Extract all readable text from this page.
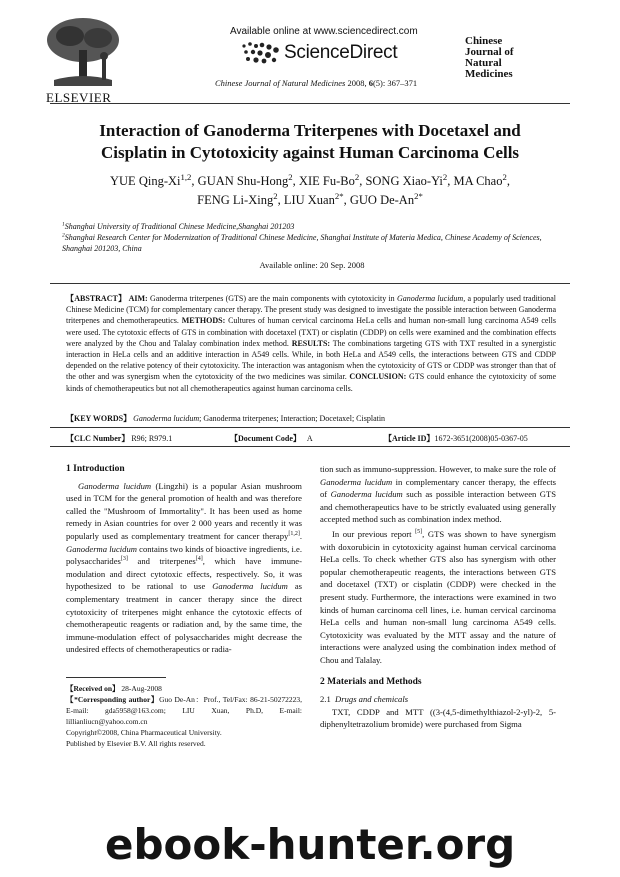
ELSEVIER
Available online at www.sciencedirect.com
ScienceDirect
Chinese Journal of Natural Medicines 2008, 6(5): 367–371
Chinese
Journal of
Natural
Medicines
Interaction of Ganoderma Triterpenes with Docetaxel and
Cisplatin in Cytotoxicity against Human Carcinoma Cells
YUE Qing-Xi$^{1,2}$, GUAN Shu-Hong$^2$, XIE Fu-Bo$^2$, SONG Xiao-Yi$^2$, MA Chao$^2$,
FENG Li-Xing$^2$, LIU Xuan$^{2*}$, GUO $De-An^{2*}$
$^1$Shanghai University of Traditional Chinese Medicine,Shanghai 201203
$^2$Shanghai Research Center for Modernization of Traditional Chinese Medicine, Shanghai Institute of Materia Medica, Chinese Academy of Sciences, Shanghai 201203, China
Available online: 20 Sep. 2008
【ABSTRACT】 AIM: Ganoderma triterpenes (GTS) are the main components with cytotoxicity in Ganoderma lucidum, a popularly used traditional Chinese Medicine (TCM) for complementary cancer therapy. The present study was designed to investigate the possible interaction between Ganoderma triterpenes and chemotherapeutics. METHODS: Cultures of human cervical carcinoma HeLa cells and human non-small lung carcinoma A549 cells were used. The cytotoxic effects of GTS in combination with docetaxel (TXT) or cisplatin (CDDP) on cells were examined and the combination effects were analyzed by the Chou and Talalay combination index method. RESULTS: The combinations targeting GTS with TXT resulted in a synergistic interaction in HeLa cells and an additive interaction in A549 cells. While, in both HeLa and A549 cells, the interactions between GTS and CDDP depended on the relative potency of their cytotoxicity. The interaction was antagonism when the cytotoxicity of GTS or CDDP was stronger than that of the other and was synergism when the cytotoxicity of the two medicines was similar. CONCLUSION: GTS could enhance the cytotoxicity of some kinds of chemotherapeutics but not all chemotherapeutics against human carcinoma cells.
【KEY WORDS】 Ganoderma lucidum; Ganoderma triterpenes; Interaction; Docetaxel; Cisplatin
【CLC Number】 R96; R979.1	【Document Code】 A	【Article ID】1672-3651(2008)05-0367-05
1 Introduction
Ganoderma lucidum (Lingzhi) is a popular Asian mushroom used in TCM for the general promotion of health and was therefore called the "Mushroom of Immortality". It has been used as home remedy in Asian countries for over 2 000 years and recently it was popularly used as complementary treatment for cancer therapy[1,2]. Ganoderma lucidum contains two kinds of bioactive ingredients, i.e. polysaccharides[3] and triterpenes[4], which have immune-modulation and direct cytotoxic effects, respectively. So, it was hypothesized to be rational to use Ganoderma lucidum as complementary treatment in cancer therapy since the direct cytotoxicity of triterpenes might enhance the cytotoxic effects of chemotherapeutic reagents or radiation and, by the same time, the immune-modulation effect of polysaccharides might decrease the undesired effects of chemotherapeutics or radia-
【Received on】 28-Aug-2008
【*Corresponding author】Guo De-An：Prof., Tel/Fax: 86-21-50272223, E-mail: gda5958@163.com; LIU Xuan, Ph.D, E-mail: lillianliucn@yahoo.com.cn
Copyright©2008, China Pharmaceutical University.
Published by Elsevier B.V. All rights reserved.
tion such as immuno-suppression. However, to make sure the role of Ganoderma lucidum in complementary cancer therapy, the effects of Ganoderma lucidum such as possible interaction between GTS and chemotherapeutics have to be strictly evaluated using generally accepted method such as combination index method.
In our previous report [5], GTS was shown to have synergism with doxorubicin in cytotoxicity against human cervical carcinoma HeLa cells. To check whether GTS also has synergism with other popular chemotherapeutic reagents, the interactions between GTS and docetaxel (TXT) or cisplatin (CDDP) were checked in the present study. Furthermore, the interactions were examined in two kinds of human carcinoma cell lines, i.e. human cervical carcinoma HeLa cells and human non-small lung carcinoma A549 cells. Cytotoxicity was evaluated by the MTT assay and the nature of interactions were analyzed using the combination index method of Chou and Talalay.
2 Materials and Methods
2.1 Drugs and chemicals
TXT, CDDP and MTT ((3-(4,5-dimethylthiazol-2-yl)-2, 5-diphenyltetrazolium bromide) were purchased from Sigma
ebook-hunter.org
